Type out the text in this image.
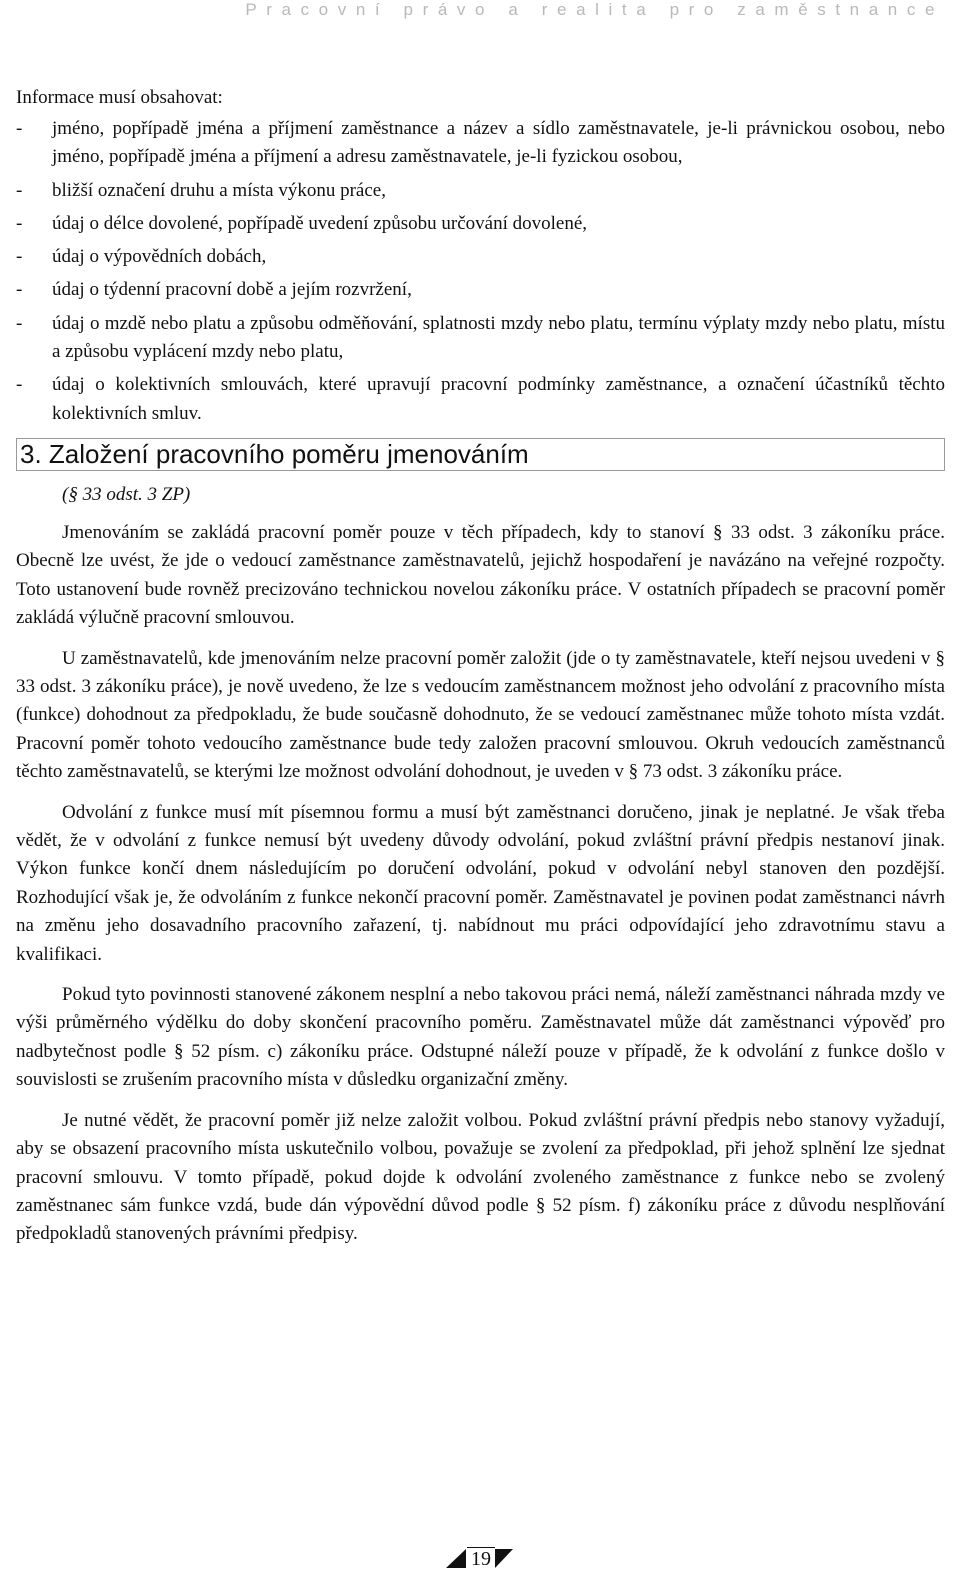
Pracovní právo a realita pro zaměstnance
Informace musí obsahovat:
- jméno, popřípadě jména a příjmení zaměstnance a název a sídlo zaměstnavatele, je-li právnickou osobou, nebo jméno, popřípadě jména a příjmení a adresu zaměstnavatele, je-li fyzickou osobou,
- bližší označení druhu a místa výkonu práce,
- údaj o délce dovolené, popřípadě uvedení způsobu určování dovolené,
- údaj o výpovědních dobách,
- údaj o týdenní pracovní době a jejím rozvržení,
- údaj o mzdě nebo platu a způsobu odměňování, splatnosti mzdy nebo platu, termínu výplaty mzdy nebo platu, místu a způsobu vyplácení mzdy nebo platu,
- údaj o kolektivních smlouvách, které upravují pracovní podmínky zaměstnance, a označení účastníků těchto kolektivních smluv.
3. Založení pracovního poměru jmenováním
(§ 33 odst. 3 ZP)

Jmenováním se zakládá pracovní poměr pouze v těch případech, kdy to stanoví § 33 odst. 3 zákoníku práce. Obecně lze uvést, že jde o vedoucí zaměstnance zaměstnavatelů, jejichž hospodaření je navázáno na veřejné rozpočty. Toto ustanovení bude rovněž precizováno technickou novelou zákoníku práce. V ostatních případech se pracovní poměr zakládá výlučně pracovní smlouvou.

U zaměstnavatelů, kde jmenováním nelze pracovní poměr založit (jde o ty zaměstnavatele, kteří nejsou uvedeni v § 33 odst. 3 zákoníku práce), je nově uvedeno, že lze s vedoucím zaměstnancem možnost jeho odvolání z pracovního místa (funkce) dohodnout za předpokladu, že bude současně dohodnuto, že se vedoucí zaměstnanec může tohoto místa vzdát. Pracovní poměr tohoto vedoucího zaměstnance bude tedy založen pracovní smlouvou. Okruh vedoucích zaměstnanců těchto zaměstnavatelů, se kterými lze možnost odvolání dohodnout, je uveden v § 73 odst. 3 zákoníku práce.

Odvolání z funkce musí mít písemnou formu a musí být zaměstnanci doručeno, jinak je neplatné. Je však třeba vědět, že v odvolání z funkce nemusí být uvedeny důvody odvolání, pokud zvláštní právní předpis nestanoví jinak. Výkon funkce končí dnem následujícím po doručení odvolání, pokud v odvolání nebyl stanoven den pozdější. Rozhodující však je, že odvoláním z funkce nekončí pracovní poměr. Zaměstnavatel je povinen podat zaměstnanci návrh na změnu jeho dosavadního pracovního zařazení, tj. nabídnout mu práci odpovídající jeho zdravotnímu stavu a kvalifikaci.

Pokud tyto povinnosti stanovené zákonem nesplní a nebo takovou práci nemá, náleží zaměstnanci náhrada mzdy ve výši průměrného výdělku do doby skončení pracovního poměru. Zaměstnavatel může dát zaměstnanci výpověď pro nadbytečnost podle § 52 písm. c) zákoníku práce. Odstupné náleží pouze v případě, že k odvolání z funkce došlo v souvislosti se zrušením pracovního místa v důsledku organizační změny.

Je nutné vědět, že pracovní poměr již nelze založit volbou. Pokud zvláštní právní předpis nebo stanovy vyžadují, aby se obsazení pracovního místa uskutečnilo volbou, považuje se zvolení za předpoklad, při jehož splnění lze sjednat pracovní smlouvu. V tomto případě, pokud dojde k odvolání zvoleného zaměstnance z funkce nebo se zvolený zaměstnanec sám funkce vzdá, bude dán výpovědní důvod podle § 52 písm. f) zákoníku práce z důvodu nesplňování předpokladů stanovených právními předpisy.

19
